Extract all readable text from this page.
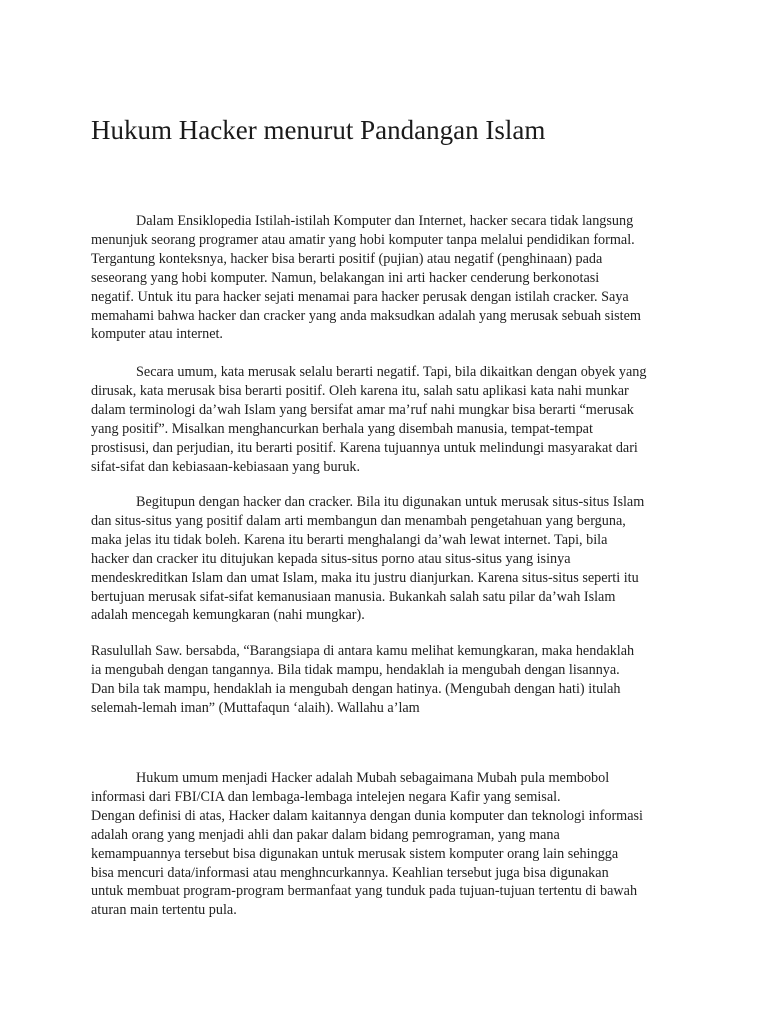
Hukum Hacker menurut Pandangan Islam
Dalam Ensiklopedia Istilah-istilah Komputer dan Internet, hacker secara tidak langsung
menunjuk seorang programer atau amatir yang hobi komputer tanpa melalui pendidikan formal.
Tergantung konteksnya, hacker bisa berarti positif (pujian) atau negatif (penghinaan) pada
seseorang yang hobi komputer. Namun, belakangan ini arti hacker cenderung berkonotasi
negatif. Untuk itu para hacker sejati menamai para hacker perusak dengan istilah cracker. Saya
memahami bahwa hacker dan cracker yang anda maksudkan adalah yang merusak sebuah sistem
komputer atau internet.
Secara umum, kata merusak selalu berarti negatif. Tapi, bila dikaitkan dengan obyek yang
dirusak, kata merusak bisa berarti positif. Oleh karena itu, salah satu aplikasi kata nahi munkar
dalam terminologi da’wah Islam yang bersifat amar ma’ruf nahi mungkar bisa berarti “merusak
yang positif”. Misalkan menghancurkan berhala yang disembah manusia, tempat-tempat
prostisusi, dan perjudian, itu berarti positif. Karena tujuannya untuk melindungi masyarakat dari
sifat-sifat dan kebiasaan-kebiasaan yang buruk.
Begitupun dengan hacker dan cracker. Bila itu digunakan untuk merusak situs-situs Islam
dan situs-situs yang positif dalam arti membangun dan menambah pengetahuan yang berguna,
maka jelas itu tidak boleh. Karena itu berarti menghalangi da’wah lewat internet. Tapi, bila
hacker dan cracker itu ditujukan kepada situs-situs porno atau situs-situs yang isinya
mendeskreditkan Islam dan umat Islam, maka itu justru dianjurkan. Karena situs-situs seperti itu
bertujuan merusak sifat-sifat kemanusiaan manusia. Bukankah salah satu pilar da’wah Islam
adalah mencegah kemungkaran (nahi mungkar).
Rasulullah Saw. bersabda, “Barangsiapa di antara kamu melihat kemungkaran, maka hendaklah
ia mengubah dengan tangannya. Bila tidak mampu, hendaklah ia mengubah dengan lisannya.
Dan bila tak mampu, hendaklah ia mengubah dengan hatinya. (Mengubah dengan hati) itulah
selemah-lemah iman” (Muttafaqun ‘alaih). Wallahu a’lam
Hukum umum menjadi Hacker adalah Mubah sebagaimana Mubah pula membobol
informasi dari FBI/CIA dan lembaga-lembaga intelejen negara Kafir yang semisal.
Dengan definisi di atas, Hacker dalam kaitannya dengan dunia komputer dan teknologi informasi
adalah orang yang menjadi ahli dan pakar dalam bidang pemrograman, yang mana
kemampuannya tersebut bisa digunakan untuk merusak sistem komputer orang lain sehingga
bisa mencuri data/informasi atau menghncurkannya. Keahlian tersebut juga bisa digunakan
untuk membuat program-program bermanfaat yang tunduk pada tujuan-tujuan tertentu di bawah
aturan main tertentu pula.
